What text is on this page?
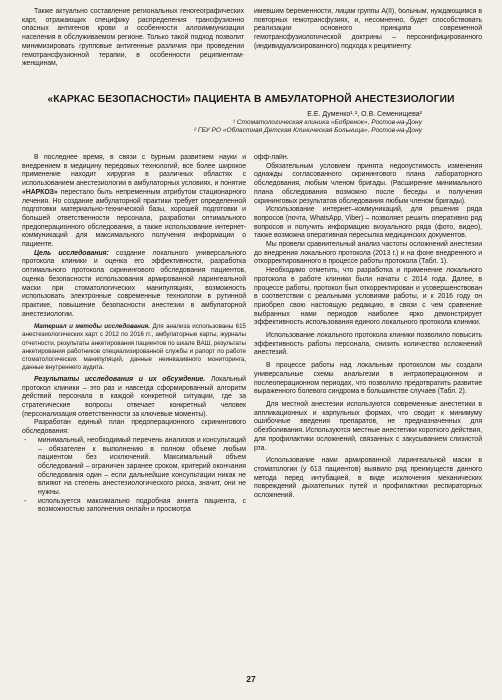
Также актуально составление региональных геногеографических карт, отражающих специфику распределения трансфузионно опасных антигенов крови и особенности аллоиммунизации населения в обслуживаемом регионе. Только такой подход позволит минимизировать групповые антигенные различия при проведении гемотрансфузионной терапии, в особенности реципиентам-женщинам,

имевшим беременности, лицам группы A(II), больным, нуждающимся в повторных гемотрансфузиях, и, несомненно, будет способствовать реализации основного принципа современной гемотрансфузиологической доктрины – персонифицированного (индивидуализированного) подхода к реципиенту.

«КАРКАС БЕЗОПАСНОСТИ» ПАЦИЕНТА В АМБУЛАТОРНОЙ АНЕСТЕЗИОЛОГИИ
Е.Е. Думенко¹˒², О.В. Семенищева²
¹ Стоматологическая клиника «Бобренок», Ростов-на-Дону
² ГБУ РО «Областная Детская Клиническая Больница», Ростов-на-Дону

В последнее время, в связи с бурным развитием науки и внедрением в медицину передовых технологий, все более широкое применение находит хирургия в различных областях с использованием анестезиологии в амбулаторных условиях, и понятие «НАРКОЗ» перестало быть непременным атрибутом стационарного лечения. Но создание амбулаторной практики требует определенной подготовки материально-технической базы, хорошей подготовки и большей ответственности персонала, разработки оптимального предоперационного обследования, а также использование интернет-коммуникаций для максимального получения информации о пациенте.

Цель исследования: создание локального универсального протокола клиники и оценка его эффективности, разработка оптимального протокола скринингового обследования пациентов, оценка безопасности использования армированной ларингеальной маски при стоматологических манипуляциях, возможность использовать электронные современные технологии в рутинной практике, повышение безопасности анестезии в амбулаторной анестезиологии.

Материал и методы исследования. Для анализа использованы 615 анестезиологических карт с 2012 по 2016 гг., амбулаторные карты, журналы отчетности, результаты анкетирования пациентов по шкале ВАШ, результаты анкетирования работников специализированной службы и рапорт по работе стоматологических манипуляций, данные неинвазивного мониторинга, данные внутреннего аудита.

Результаты исследования и их обсуждение. Локальный протокол клиники – это раз и навсегда сформированный алгоритм действий персонала в каждой конкретной ситуации, где за стратегические вопросы отвечает конкретный человек (персонализация ответственности за ключевые моменты).

Разработан единый план предоперационного скринингового обследования:

- минимальный, необходимый перечень анализов и консультаций – обязателен к выполнению в полном объеме любым пациентом без исключений. Максимальный объем обследований – ограничен заранее сроком, критерий окончания обследования один – если дальнейшие консультации никак не влияют на степень анестезиологического риска, значит, они не нужны.
- используется максимально подробная анкета пациента, с возможностью заполнения онлайн и просмотра

офф-лайн.

Обязательным условием принята недопустимость изменения однажды согласованного скринингового плана лабораторного обследования, любым членом бригады. (Расширение минимального плана обследования возможно после беседы и получения скрининговых результатов обследования любым членом бригады).

Использование интернет–коммуникаций, для решения ряда вопросов (почта, WhatsApp, Viber) – позволяет решить оперативно ряд вопросов и получить информацию визуального ряда (фото, видео), также возможна оперативная пересылка медицинских документов.

Мы провели сравнительный анализ частоты осложнений анестезии до внедрения локального протокола (2013 г.) и на фоне внедренного и откорректированного в процессе работы протокола (Табл. 1).

Необходимо отметить, что разработка и применение локального протокола в работе клиники были начаты с 2014 года. Далее, в процессе работы, протокол был откорректирован и усовершенствован в соответствии с реальными условиями работы, и к 2016 году он приобрел свою настоящую редакцию, в связи с чем сравнение выбранных нами периодов наиболее ярко демонстрирует эффективность использования единого локального протокола клиники.

Использование локального протокола клиники позволило повысить эффективность работы персонала, снизить количество осложнений анестезий.

В процессе работы над локальным протоколом мы создали универсальные схемы анальгезии в интраоперационном и послеоперационном периодах, что позволило предотвратить развитие выраженного болевого синдрома в большинстве случаев (Табл. 2).

Для местной анестезии используются современные анестетики в аппликационных и карпульных формах, что сводит к минимуму ошибочные введения препаратов, не предназначенных для обезболивания. Используются местные анестетики короткого действия, для профилактики осложнений, связанных с закусыванием слизистой рта.

Использование нами армированной ларингеальной маски в стоматологии (у 613 пациентов) выявило ряд преимуществ данного метода перед интубацией, в виде исключения механических повреждений дыхательных путей и профилактики респираторных осложнений.

27
